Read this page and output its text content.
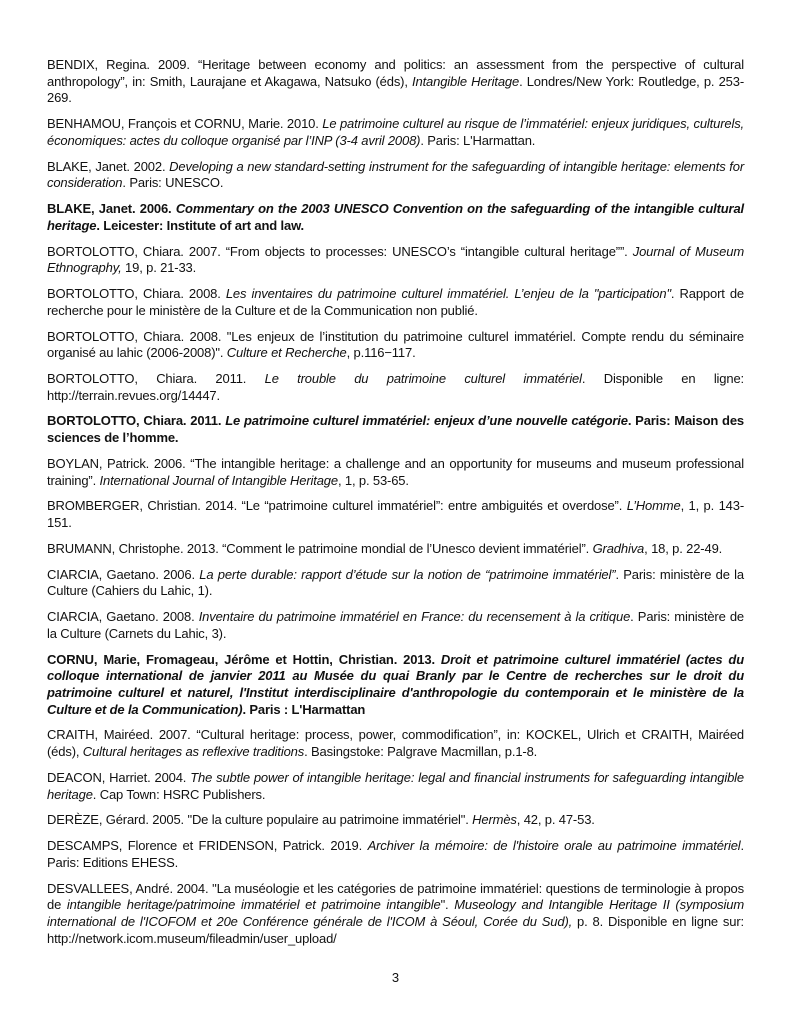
BENDIX, Regina. 2009. “Heritage between economy and politics: an assessment from the perspective of cultural anthropology”, in: Smith, Laurajane et Akagawa, Natsuko (éds), Intangible Heritage. Londres/New York: Routledge, p. 253-269.

BENHAMOU, François et CORNU, Marie. 2010. Le patrimoine culturel au risque de l’immatériel: enjeux juridiques, culturels, économiques: actes du colloque organisé par l’INP (3-4 avril 2008). Paris: L'Harmattan.

BLAKE, Janet. 2002. Developing a new standard-setting instrument for the safeguarding of intangible heritage: elements for consideration. Paris: UNESCO.

BLAKE, Janet. 2006. Commentary on the 2003 UNESCO Convention on the safeguarding of the intangible cultural heritage. Leicester: Institute of art and law.

BORTOLOTTO, Chiara. 2007. “From objects to processes: UNESCO’s “intangible cultural heritage””. Journal of Museum Ethnography, 19, p. 21-33.

BORTOLOTTO, Chiara. 2008. Les inventaires du patrimoine culturel immatériel. L’enjeu de la "participation". Rapport de recherche pour le ministère de la Culture et de la Communication non publié.

BORTOLOTTO, Chiara. 2008. "Les enjeux de l’institution du patrimoine culturel immatériel. Compte rendu du séminaire organisé au lahic (2006-2008)". Culture et Recherche, p.116−117.

BORTOLOTTO, Chiara. 2011. Le trouble du patrimoine culturel immatériel. Disponible en ligne: http://terrain.revues.org/14447.

BORTOLOTTO, Chiara. 2011. Le patrimoine culturel immatériel: enjeux d’une nouvelle catégorie. Paris: Maison des sciences de l’homme.

BOYLAN, Patrick. 2006. “The intangible heritage: a challenge and an opportunity for museums and museum professional training”. International Journal of Intangible Heritage, 1, p. 53-65.

BROMBERGER, Christian. 2014. “Le “patrimoine culturel immatériel”: entre ambiguités et overdose”. L’Homme, 1, p. 143-151.

BRUMANN, Christophe. 2013. “Comment le patrimoine mondial de l’Unesco devient immatériel”. Gradhiva, 18, p. 22-49.

CIARCIA, Gaetano. 2006. La perte durable: rapport d’étude sur la notion de “patrimoine immatériel”. Paris: ministère de la Culture (Cahiers du Lahic, 1).

CIARCIA, Gaetano. 2008. Inventaire du patrimoine immatériel en France: du recensement à la critique. Paris: ministère de la Culture (Carnets du Lahic, 3).

CORNU, Marie, Fromageau, Jérôme et Hottin, Christian. 2013. Droit et patrimoine culturel immatériel (actes du colloque international de janvier 2011 au Musée du quai Branly par le Centre de recherches sur le droit du patrimoine culturel et naturel, l'Institut interdisciplinaire d'anthropologie du contemporain et le ministère de la Culture et de la Communication). Paris : L'Harmattan

CRAITH, Mairéed. 2007. “Cultural heritage: process, power, commodification”, in: KOCKEL, Ulrich et CRAITH, Mairéed (éds), Cultural heritages as reflexive traditions. Basingstoke: Palgrave Macmillan, p.1-8.

DEACON, Harriet. 2004. The subtle power of intangible heritage: legal and financial instruments for safeguarding intangible heritage. Cap Town: HSRC Publishers.

DERÈZE, Gérard. 2005. "De la culture populaire au patrimoine immatériel". Hermès, 42, p. 47-53.

DESCAMPS, Florence et FRIDENSON, Patrick. 2019. Archiver la mémoire: de l'histoire orale au patrimoine immatériel. Paris: Editions EHESS.

DESVALLEES, André. 2004. "La muséologie et les catégories de patrimoine immatériel: questions de terminologie à propos de intangible heritage/patrimoine immatériel et patrimoine intangible". Museology and Intangible Heritage II (symposium international de l'ICOFOM et 20e Conférence générale de l'ICOM à Séoul, Corée du Sud), p. 8. Disponible en ligne sur: http://network.icom.museum/fileadmin/user_upload/

3
